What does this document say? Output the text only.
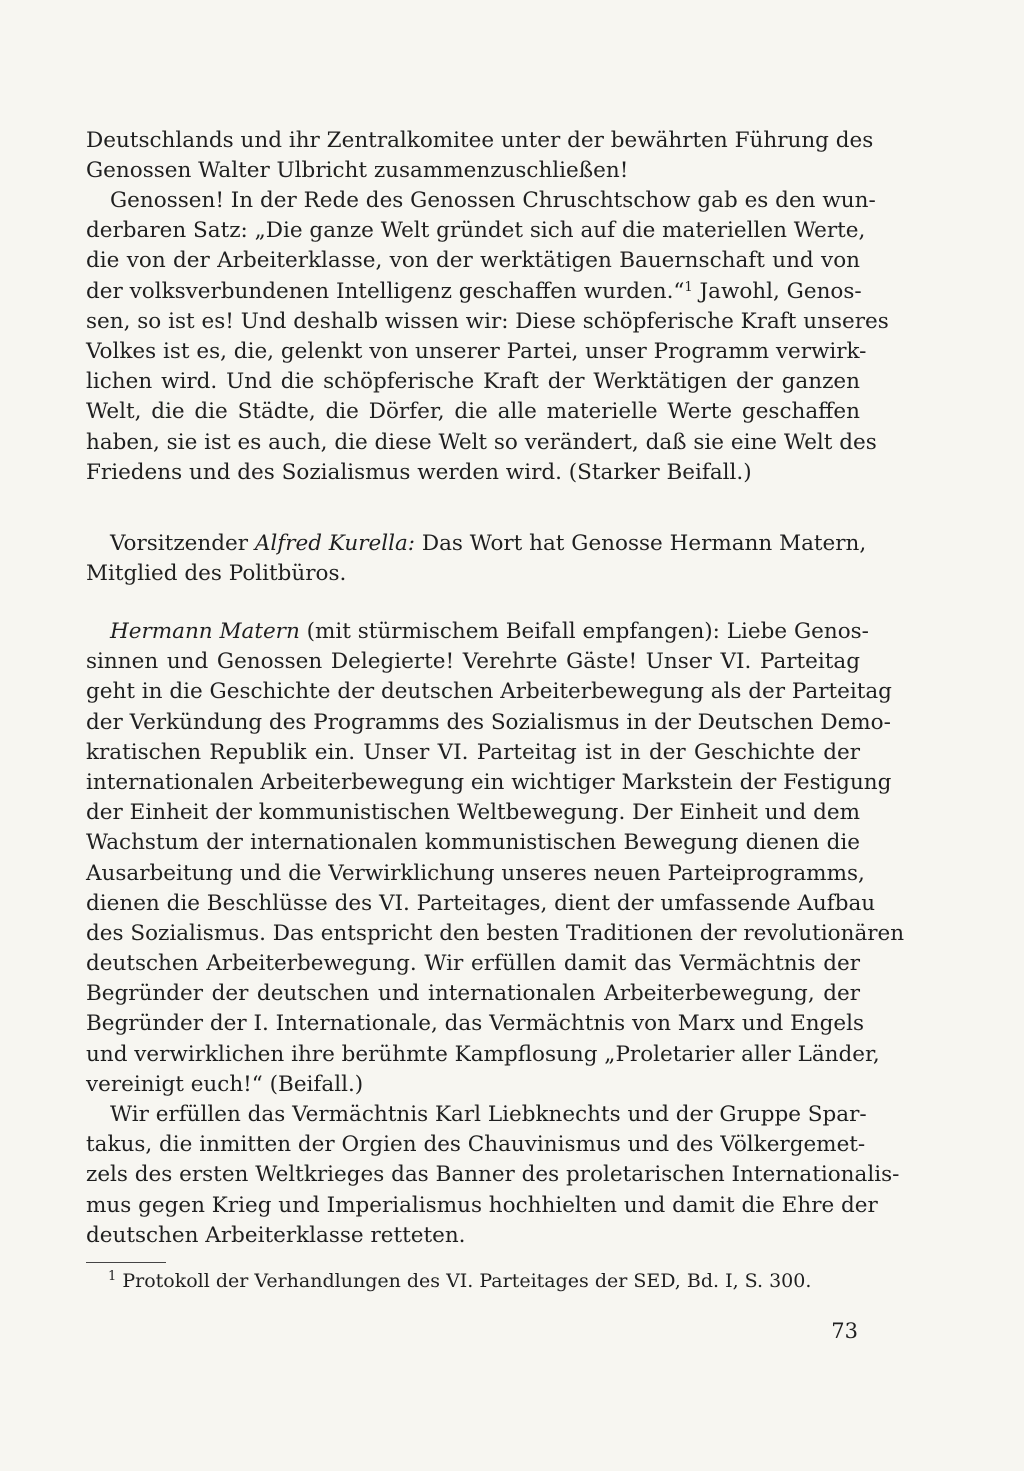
Deutschlands und ihr Zentralkomitee unter der bewährten Führung des
Genossen Walter Ulbricht zusammenzuschließen!
Genossen! In der Rede des Genossen Chruschtschow gab es den wun-
derbaren Satz: „Die ganze Welt gründet sich auf die materiellen Werte,
die von der Arbeiterklasse, von der werktätigen Bauernschaft und von
der volksverbundenen Intelligenz geschaffen wurden.“$^1$ Jawohl, Genos-
sen, so ist es! Und deshalb wissen wir: Diese schöpferische Kraft unseres
Volkes ist es, die, gelenkt von unserer Partei, unser Programm verwirk-
lichen wird. Und die schöpferische Kraft der Werktätigen der ganzen
Welt, die die Städte, die Dörfer, die alle materielle Werte geschaffen
haben, sie ist es auch, die diese Welt so verändert, daß sie eine Welt des
Friedens und des Sozialismus werden wird. (Starker Beifall.)
Vorsitzender Alfred Kurella: Das Wort hat Genosse Hermann Matern,
Mitglied des Politbüros.
Hermann Matern (mit stürmischem Beifall empfangen): Liebe Genos-
sinnen und Genossen Delegierte! Verehrte Gäste! Unser VI. Parteitag
geht in die Geschichte der deutschen Arbeiterbewegung als der Parteitag
der Verkündung des Programms des Sozialismus in der Deutschen Demo-
kratischen Republik ein. Unser VI. Parteitag ist in der Geschichte der
internationalen Arbeiterbewegung ein wichtiger Markstein der Festigung
der Einheit der kommunistischen Weltbewegung. Der Einheit und dem
Wachstum der internationalen kommunistischen Bewegung dienen die
Ausarbeitung und die Verwirklichung unseres neuen Parteiprogramms,
dienen die Beschlüsse des VI. Parteitages, dient der umfassende Aufbau
des Sozialismus. Das entspricht den besten Traditionen der revolutionären
deutschen Arbeiterbewegung. Wir erfüllen damit das Vermächtnis der
Begründer der deutschen und internationalen Arbeiterbewegung, der
Begründer der I. Internationale, das Vermächtnis von Marx und Engels
und verwirklichen ihre berühmte Kampflosung „Proletarier aller Länder,
vereinigt euch!“ (Beifall.)
Wir erfüllen das Vermächtnis Karl Liebknechts und der Gruppe Spar-
takus, die inmitten der Orgien des Chauvinismus und des Völkergemet-
zels des ersten Weltkrieges das Banner des proletarischen Internationalis-
mus gegen Krieg und Imperialismus hochhielten und damit die Ehre der
deutschen Arbeiterklasse retteten.
$^1$ Protokoll der Verhandlungen des VI. Parteitages der SED, Bd. I, S. 300.
73
